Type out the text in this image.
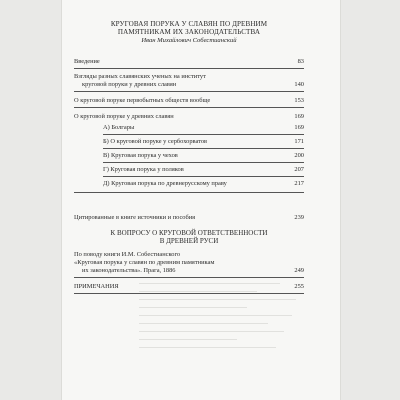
КРУГОВАЯ ПОРУКА У СЛАВЯН ПО ДРЕВНИМ
ПАМЯТНИКАМ ИХ ЗАКОНОДАТЕЛЬСТВА
Иван Михайлович Собестианский
Введение	83
Взгляды разных славянских ученых на институт
круговой поруки у древних славян	140
О круговой поруке первобытных обществ вообще	153
О круговой поруке у древних славян	169
А) Болгары	169
Б) О круговой поруке у сербохорватов	171
В) Круговая порука у чехов	200
Г) Круговая порука у поляков	207
Д) Круговая порука по древнерусскому праву	217
Цитированные в книге источники и пособия	239
К ВОПРОСУ О КРУГОВОЙ ОТВЕТСТВЕННОСТИ
В ДРЕВНЕЙ РУСИ
По поводу книги И.М. Собестианского
«Круговая порука у славян по древним памятникам
их законодательства». Прага, 1886	249
ПРИМЕЧАНИЯ	255
